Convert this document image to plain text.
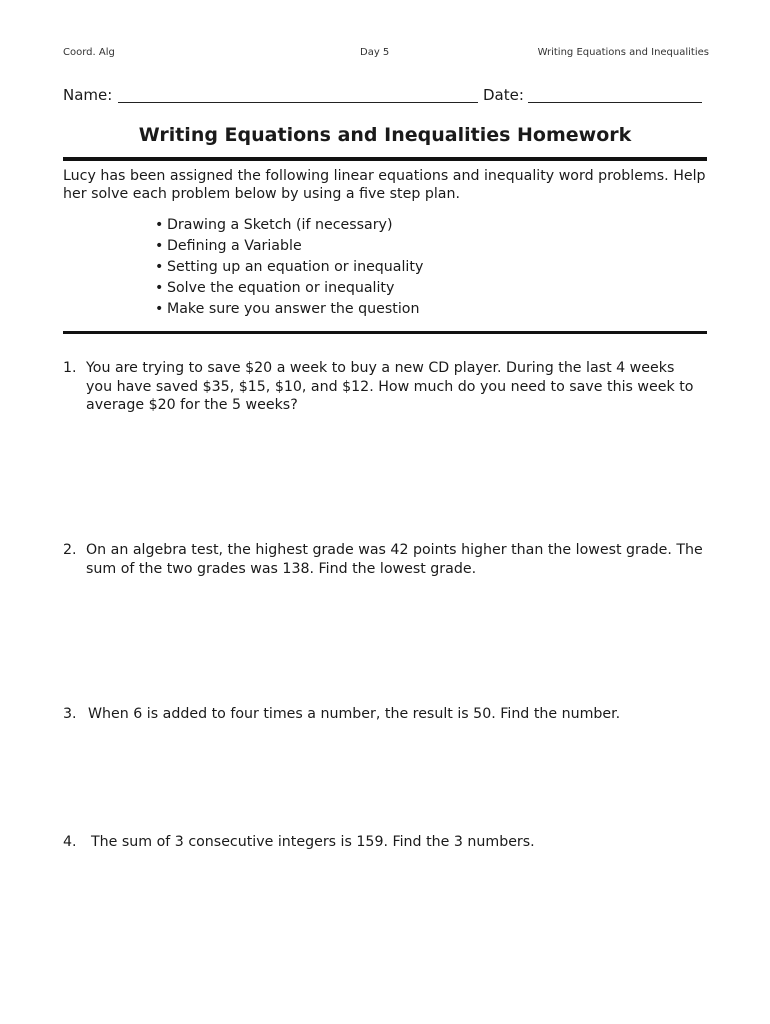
Coord. Alg	Day 5	Writing Equations and Inequalities
Name:	Date:
Writing Equations and Inequalities Homework
Lucy has been assigned the following linear equations and inequality word problems. Help her solve each problem below by using a five step plan.
• Drawing a Sketch (if necessary)
• Defining a Variable
• Setting up an equation or inequality
• Solve the equation or inequality
• Make sure you answer the question
1. You are trying to save $20 a week to buy a new CD player. During the last 4 weeks you have saved $35, $15, $10, and $12. How much do you need to save this week to average $20 for the 5 weeks?
2. On an algebra test, the highest grade was 42 points higher than the lowest grade. The sum of the two grades was 138. Find the lowest grade.
3. When 6 is added to four times a number, the result is 50. Find the number.
4. The sum of 3 consecutive integers is 159. Find the 3 numbers.
